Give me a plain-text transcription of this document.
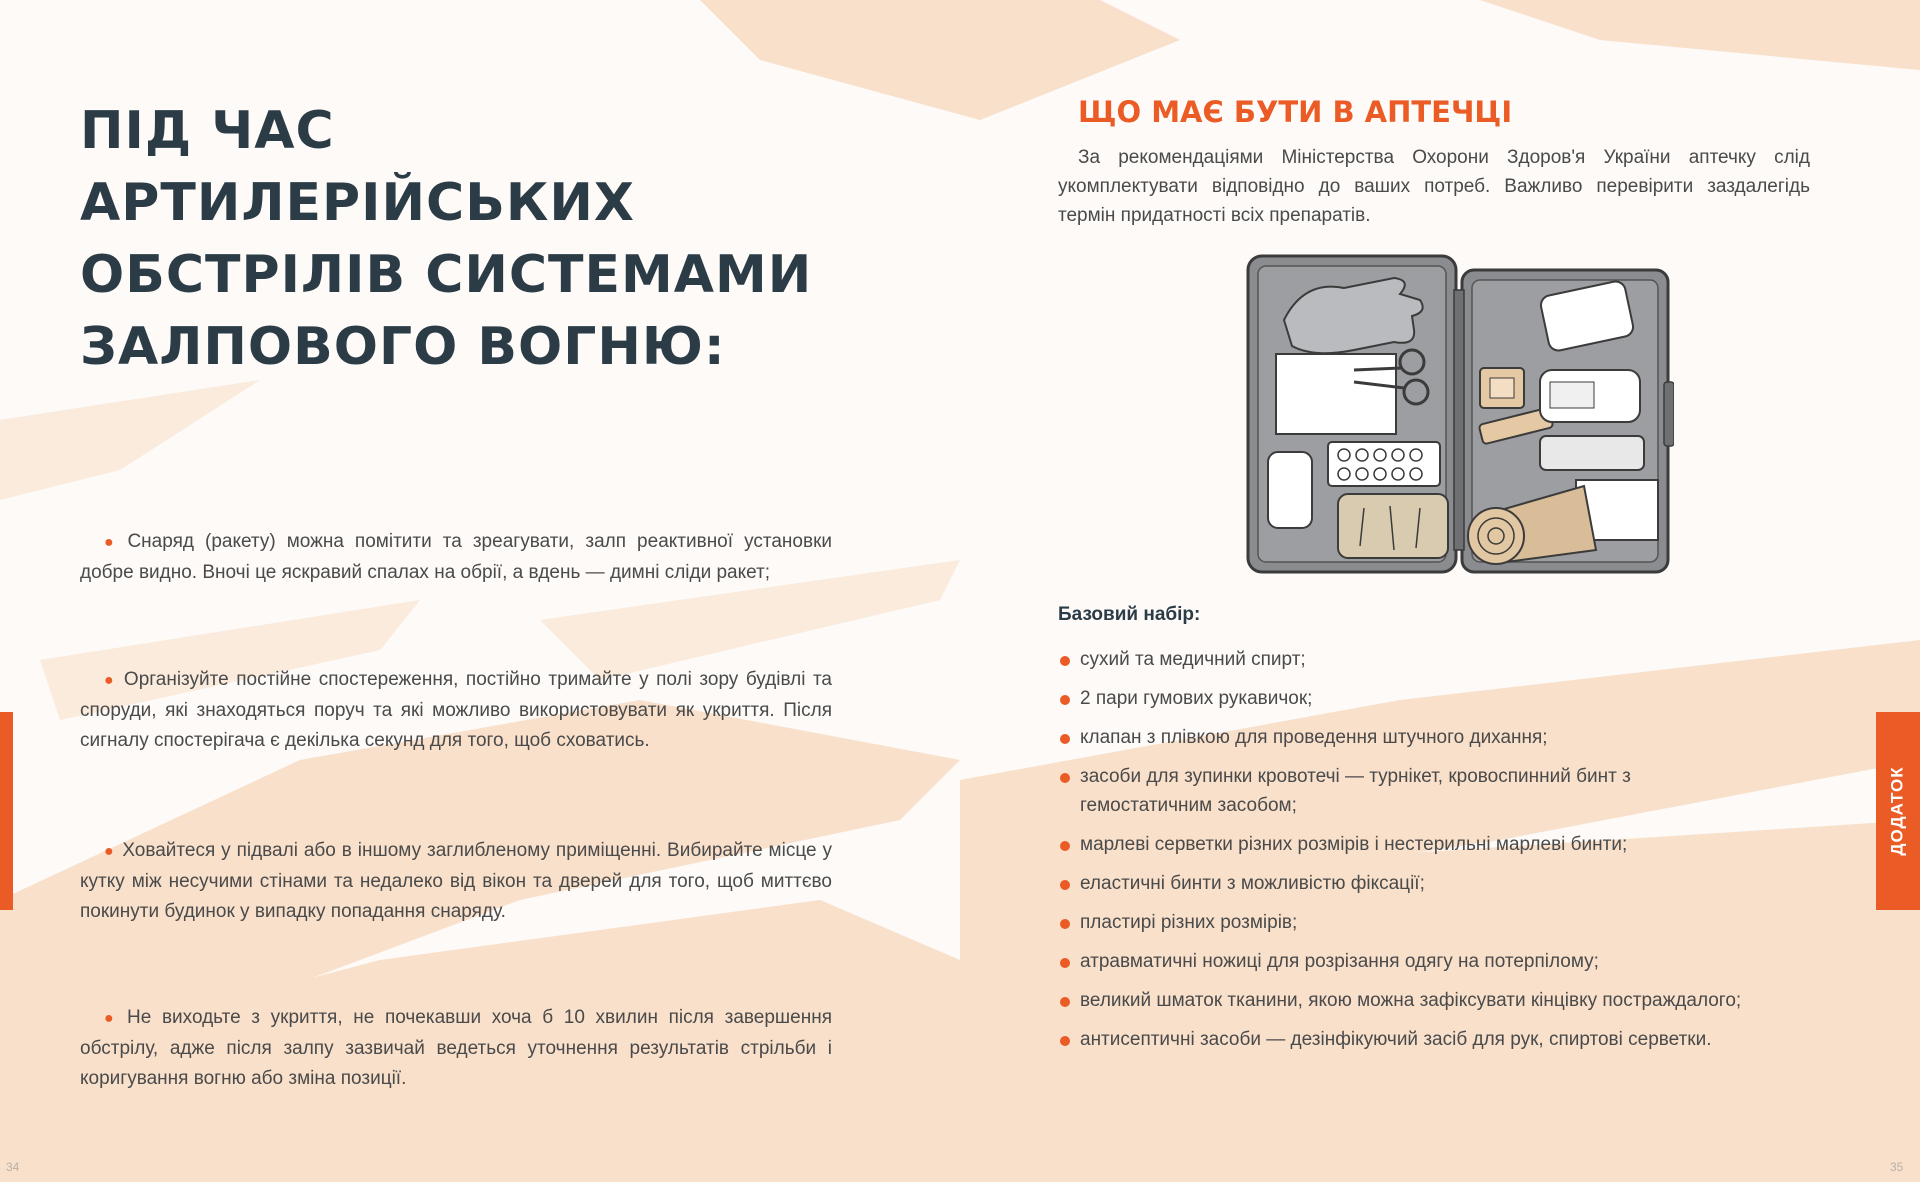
ПІД ЧАС АРТИЛЕРІЙСЬКИХ ОБСТРІЛІВ СИСТЕМАМИ ЗАЛПОВОГО ВОГНЮ:

● Снаряд (ракету) можна помітити та зреагувати, залп реактивної установки добре видно. Вночі це яскравий спалах на обрії, а вдень — димні сліди ракет;

● Організуйте постійне спостереження, постійно тримайте у полі зору будівлі та споруди, які знаходяться поруч та які можливо використовувати як укриття. Після сигналу спостерігача є декілька секунд для того, щоб сховатись.

● Ховайтеся у підвалі або в іншому заглибленому приміщенні. Вибирайте місце у кутку між несучими стінами та недалеко від вікон та дверей для того, щоб миттєво покинути будинок у випадку попадання снаряду.

● Не виходьте з укриття, не почекавши хоча б 10 хвилин після завершення обстрілу, адже після залпу зазвичай ведеться уточнення результатів стрільби і коригування вогню або зміна позиції.

34
ЩО МАЄ БУТИ В АПТЕЧЦІ

За рекомендаціями Міністерства Охорони Здоров'я України аптечку слід укомплектувати відповідно до ваших потреб. Важливо перевірити заздалегідь термін придатності всіх препаратів.

Базовий набір:
сухий та медичний спирт;
2 пари гумових рукавичок;
клапан з плівкою для проведення штучного дихання;
засоби для зупинки кровотечі — турнікет, кровоспинний бинт з гемостатичним засобом;
марлеві серветки різних розмірів і нестерильні марлеві бинти;
еластичні бинти з можливістю фіксації;
пластирі різних розмірів;
атравматичні ножиці для розрізання одягу на потерпілому;
великий шматок тканини, якою можна зафіксувати кінцівку постраждалого;
антисептичні засоби — дезінфікуючий засіб для рук, спиртові серветки.
ДОДАТОК
35
